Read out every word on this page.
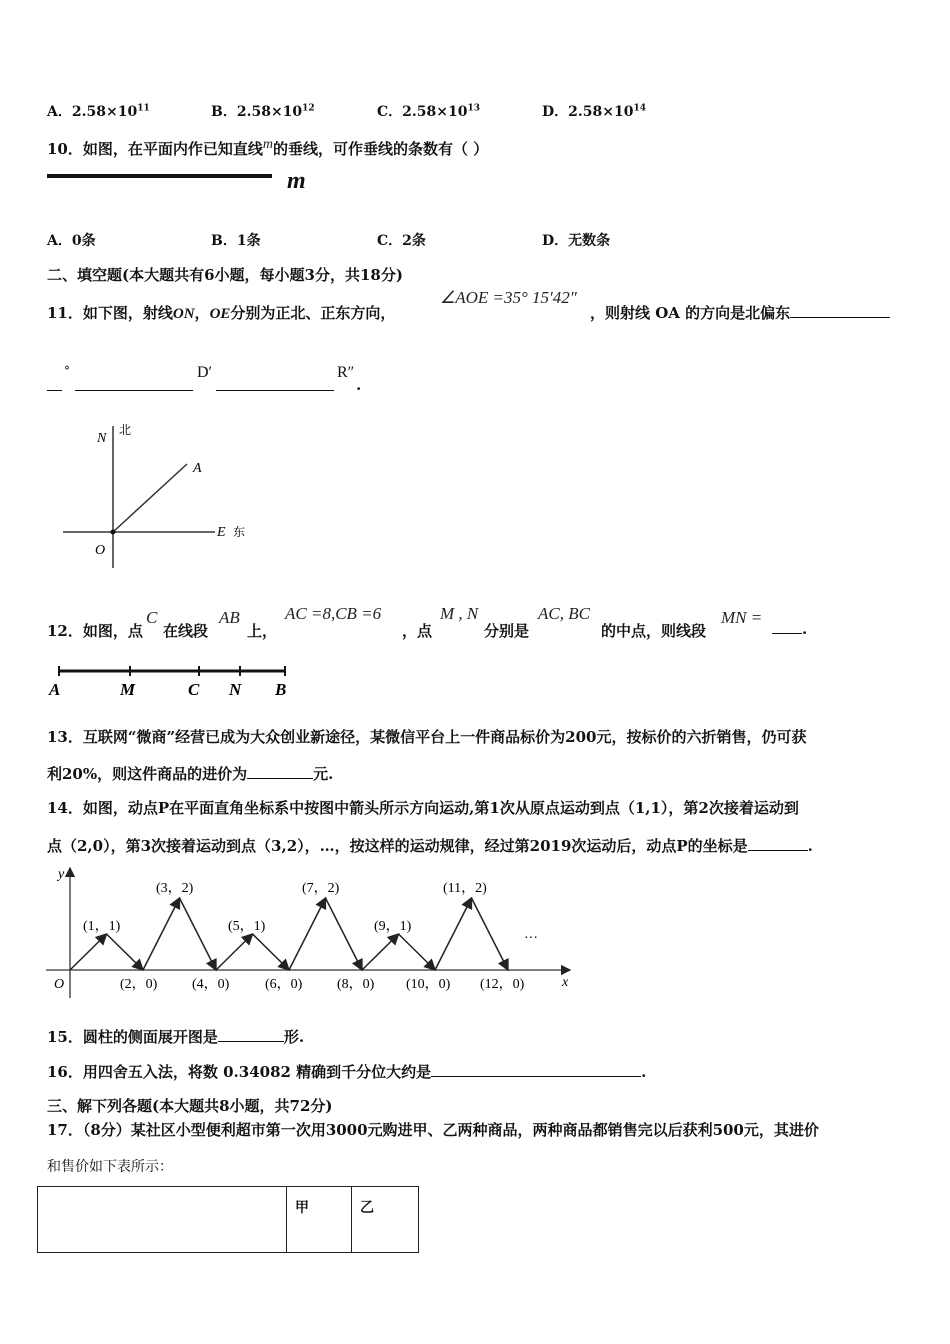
A．$2.58\times 10^{11}$	B．$2.58\times 10^{12}$	C．$2.58\times 10^{13}$	D．$2.58\times 10^{14}$
10．如图，在平面内作已知直线$^m$的垂线，可作垂线的条数有（ ）
m
A．0条	B．1条	C．2条	D．无数条
二、填空题(本大题共有6小题，每小题3分，共18分)
11．如下图，射线ON，OE分别为正北、正东方向，
∠AOE =35° 15′42″
，则射线 OA 的方向是北偏东
°	D′	R″
.
N
北
A
E 东
O
12．如图，点
C
在线段
AB
上，
AC =8,CB =6
，点
M , N
分别是
AC, BC
的中点，则线段
MN =
.
A	M	C N B
13．互联网“微商”经营已成为大众创业新途径，某微信平台上一件商品标价为200元，按标价的六折销售，仍可获
利20%，则这件商品的进价为	元.
14．如图，动点P在平面直角坐标系中按图中箭头所示方向运动,第1次从原点运动到点（1,1），第2次接着运动到
点（2,0），第3次接着运动到点（3,2），…，按这样的运动规律，经过第2019次运动后，动点P的坐标是	.
y
x
O
(1，1)
(3，2)
(5，1)
(7，2)
(9，1)
(11，2)
(2，0) (4，0)	(6，0) (8，0) (10，0) (12，0)
···
15．圆柱的侧面展开图是	形.
16．用四舍五入法，将数 0.34082 精确到千分位大约是	.
三、解下列各题(本大题共8小题，共72分)
17．（8分）某社区小型便利超市第一次用3000元购进甲、乙两种商品，两种商品都销售完以后获利500元，其进价
和售价如下表所示：
	甲	乙
